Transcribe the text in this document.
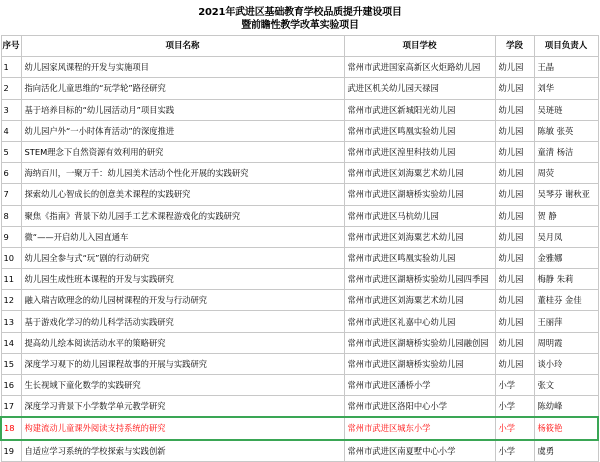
2021年武进区基础教育学校品质提升建设项目
暨前瞻性教学改革实验项目
序号	项目名称	项目学校	学段	项目负责人
1	幼儿园家风课程的开发与实施项目	常州市武进国家高新区火炬路幼儿园	幼儿园	王晶
2	指向活化儿童思维的“玩学轮”路径研究	武进区机关幼儿园天禄园	幼儿园	刘华
3	基于培养目标的“幼儿园活动月”项目实践	常州市武进区新城阳光幼儿园	幼儿园	吴琏琏
4	幼儿园户外“一小时体育活动”的深度推进	常州市武进区鸣凰实验幼儿园	幼儿园	陈敏 张英
5	STEM理念下自然资源有效利用的研究	常州市武进区湟里科技幼儿园	幼儿园	童清 杨洁
6	海纳百川，一聚万千：幼儿园美术活动个性化开展的实践研究	常州市武进区刘海粟艺术幼儿园	幼儿园	周荧
7	探索幼儿心智成长的创意美术课程的实践研究	常州市武进区湖塘桥实验幼儿园	幼儿园	吴琴芬 谢秋亚
8	聚焦《指南》背景下幼儿园手工艺术课程游戏化的实践研究	常州市武进区马杭幼儿园	幼儿园	贺 静
9	微“——开启幼儿入园直通车	常州市武进区刘海粟艺术幼儿园	幼儿园	吴月凤
10	幼儿园全参与式“玩”剧的行动研究	常州市武进区鸣凰实验幼儿园	幼儿园	金雅娜
11	幼儿园生成性班本课程的开发与实践研究	常州市武进区湖塘桥实验幼儿园四季园	幼儿园	梅静 朱莉
12	融入瑞吉欧理念的幼儿园树课程的开发与行动研究	常州市武进区刘海粟艺术幼儿园	幼儿园	董桂芬 金佳
13	基于游戏化学习的幼儿科学活动实践研究	常州市武进区礼嘉中心幼儿园	幼儿园	王丽萍
14	提高幼儿绘本阅读活动水平的策略研究	常州市武进区湖塘桥实验幼儿园融创园	幼儿园	周明霞
15	深度学习观下的幼儿园课程故事的开展与实践研究	常州市武进区湖塘桥实验幼儿园	幼儿园	谈小玲
16	生长视域下童化数学的实践研究	常州市武进区潘桥小学	小学	张文
17	深度学习背景下小学数学单元教学研究	常州市武进区洛阳中心小学	小学	陈幼峰
18	构建流动儿童课外阅读支持系统的研究	常州市武进区城东小学	小学	杨筱艳
19	自适应学习系统的学校探索与实践创新	常州市武进区南夏墅中心小学	小学	虞勇
